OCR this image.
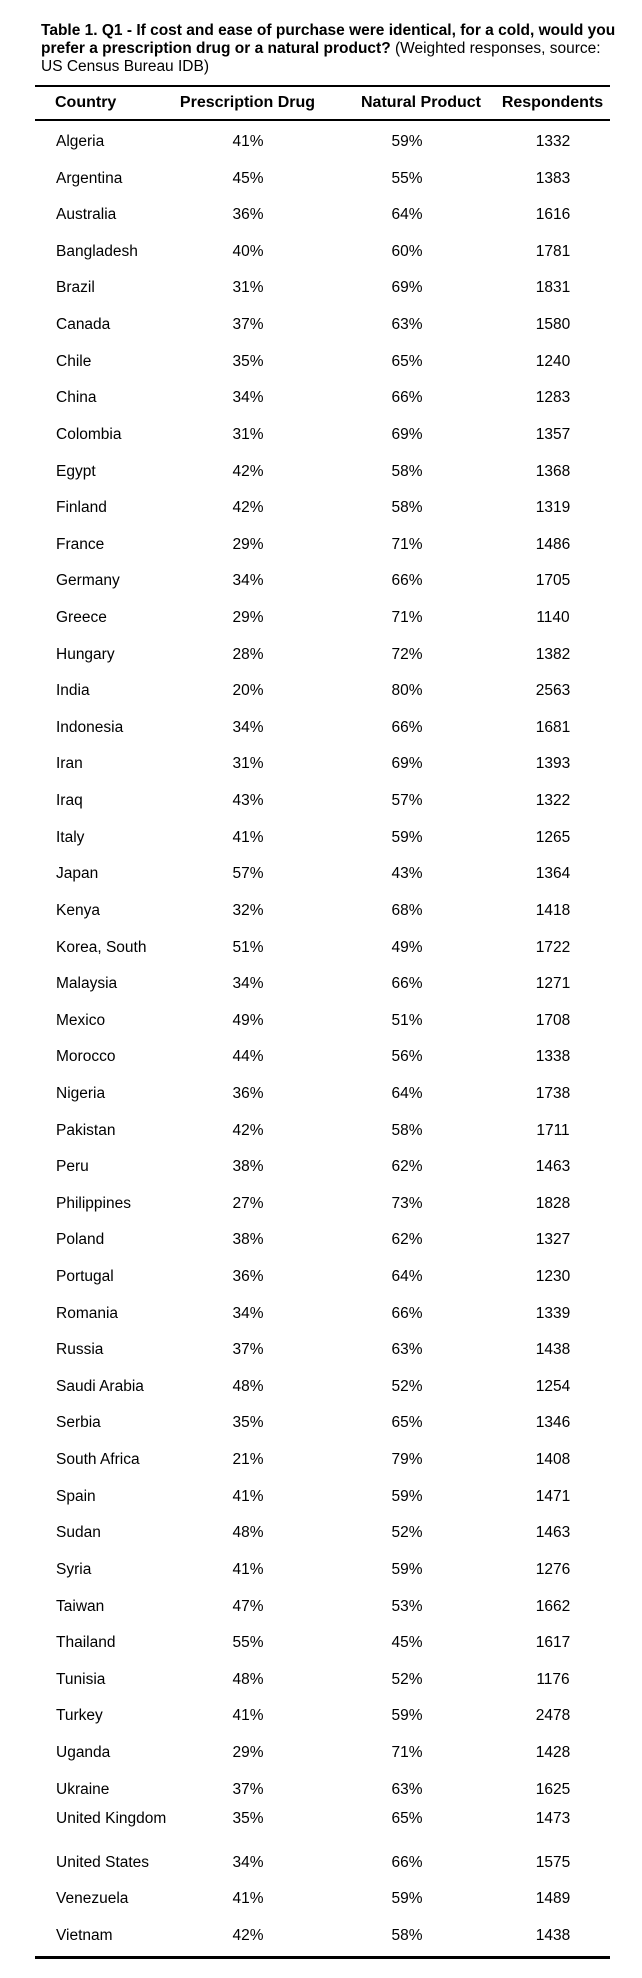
Table 1. Q1 - If cost and ease of purchase were identical, for a cold, would you prefer a prescription drug or a natural product? (Weighted responses, source: US Census Bureau IDB)
Country	Prescription Drug	Natural Product	Respondents
Algeria	41%	59%	1332
Argentina	45%	55%	1383
Australia	36%	64%	1616
Bangladesh	40%	60%	1781
Brazil	31%	69%	1831
Canada	37%	63%	1580
Chile	35%	65%	1240
China	34%	66%	1283
Colombia	31%	69%	1357
Egypt	42%	58%	1368
Finland	42%	58%	1319
France	29%	71%	1486
Germany	34%	66%	1705
Greece	29%	71%	1140
Hungary	28%	72%	1382
India	20%	80%	2563
Indonesia	34%	66%	1681
Iran	31%	69%	1393
Iraq	43%	57%	1322
Italy	41%	59%	1265
Japan	57%	43%	1364
Kenya	32%	68%	1418
Korea, South	51%	49%	1722
Malaysia	34%	66%	1271
Mexico	49%	51%	1708
Morocco	44%	56%	1338
Nigeria	36%	64%	1738
Pakistan	42%	58%	1711
Peru	38%	62%	1463
Philippines	27%	73%	1828
Poland	38%	62%	1327
Portugal	36%	64%	1230
Romania	34%	66%	1339
Russia	37%	63%	1438
Saudi Arabia	48%	52%	1254
Serbia	35%	65%	1346
South Africa	21%	79%	1408
Spain	41%	59%	1471
Sudan	48%	52%	1463
Syria	41%	59%	1276
Taiwan	47%	53%	1662
Thailand	55%	45%	1617
Tunisia	48%	52%	1176
Turkey	41%	59%	2478
Uganda	29%	71%	1428
Ukraine	37%	63%	1625
United Kingdom	35%	65%	1473
United States	34%	66%	1575
Venezuela	41%	59%	1489
Vietnam	42%	58%	1438
